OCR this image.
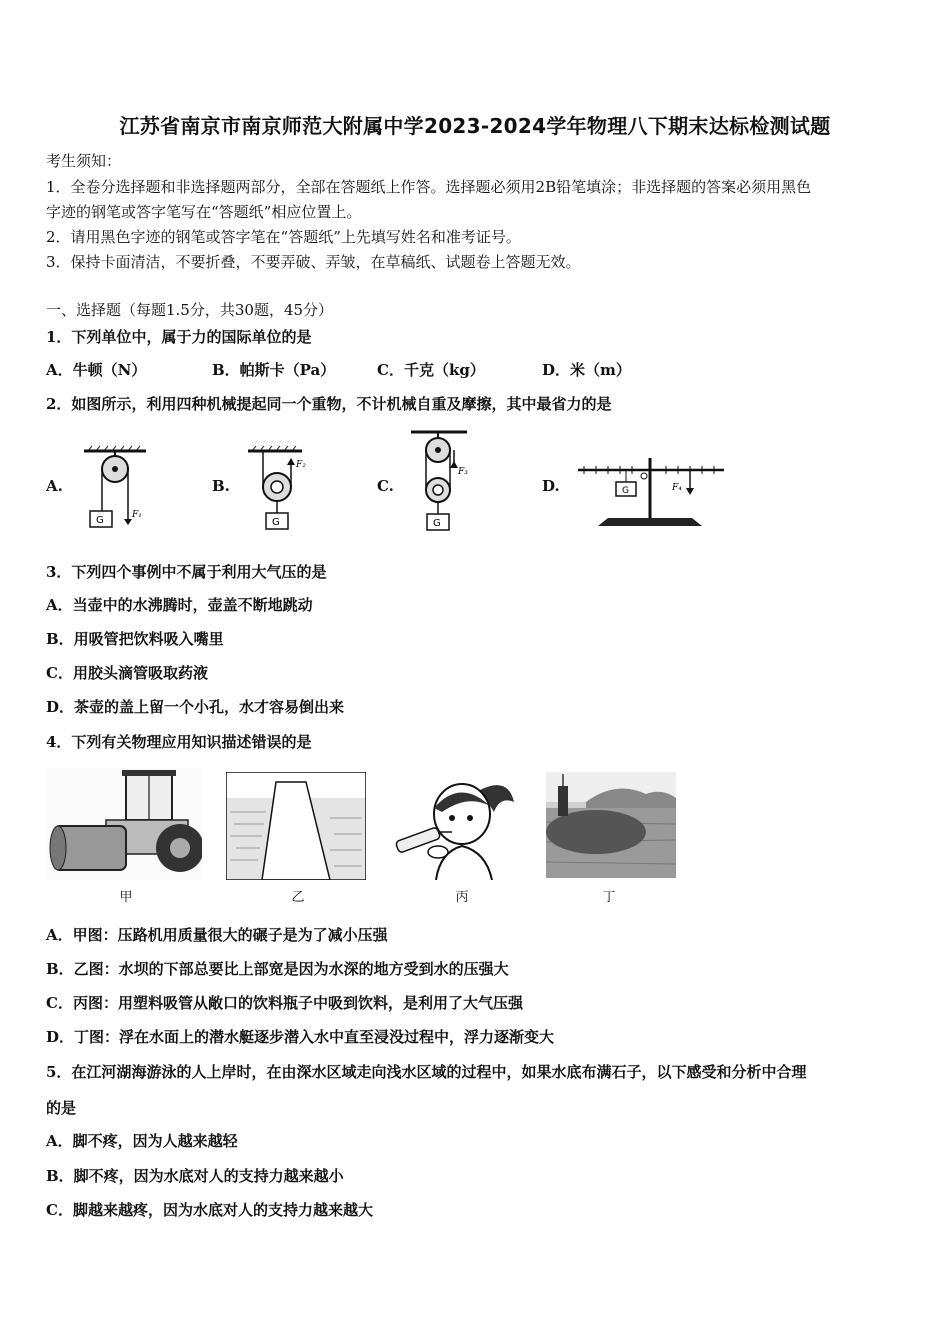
江苏省南京市南京师范大附属中学2023-2024学年物理八下期末达标检测试题
考生须知：
1．全卷分选择题和非选择题两部分，全部在答题纸上作答。选择题必须用2B铅笔填涂；非选择题的答案必须用黑色
字迹的钢笔或答字笔写在“答题纸”相应位置上。
2．请用黑色字迹的钢笔或答字笔在“答题纸”上先填写姓名和准考证号。
3．保持卡面清洁，不要折叠，不要弄破、弄皱，在草稿纸、试题卷上答题无效。
一、选择题（每题1.5分，共30题，45分）
1．下列单位中，属于力的国际单位的是
A．牛顿（N）	B．帕斯卡（Pa）	C．千克（kg）	D．米（m）
2．如图所示，利用四种机械提起同一个重物，不计机械自重及摩擦，其中最省力的是
A.	B.	C.	D.
G	F₁
G
F₂
G
F₃
G	F₄
3．下列四个事例中不属于利用大气压的是
A．当壶中的水沸腾时，壶盖不断地跳动
B．用吸管把饮料吸入嘴里
C．用胶头滴管吸取药液
D．茶壶的盖上留一个小孔，水才容易倒出来
4．下列有关物理应用知识描述错误的是
甲	乙	丙	丁
A．甲图：压路机用质量很大的碾子是为了减小压强
B．乙图：水坝的下部总要比上部宽是因为水深的地方受到水的压强大
C．丙图：用塑料吸管从敞口的饮料瓶子中吸到饮料，是利用了大气压强
D．丁图：浮在水面上的潜水艇逐步潜入水中直至浸没过程中，浮力逐渐变大
5．在江河湖海游泳的人上岸时，在由深水区域走向浅水区域的过程中，如果水底布满石子，以下感受和分析中合理
的是
A．脚不疼，因为人越来越轻
B．脚不疼，因为水底对人的支持力越来越小
C．脚越来越疼，因为水底对人的支持力越来越大
